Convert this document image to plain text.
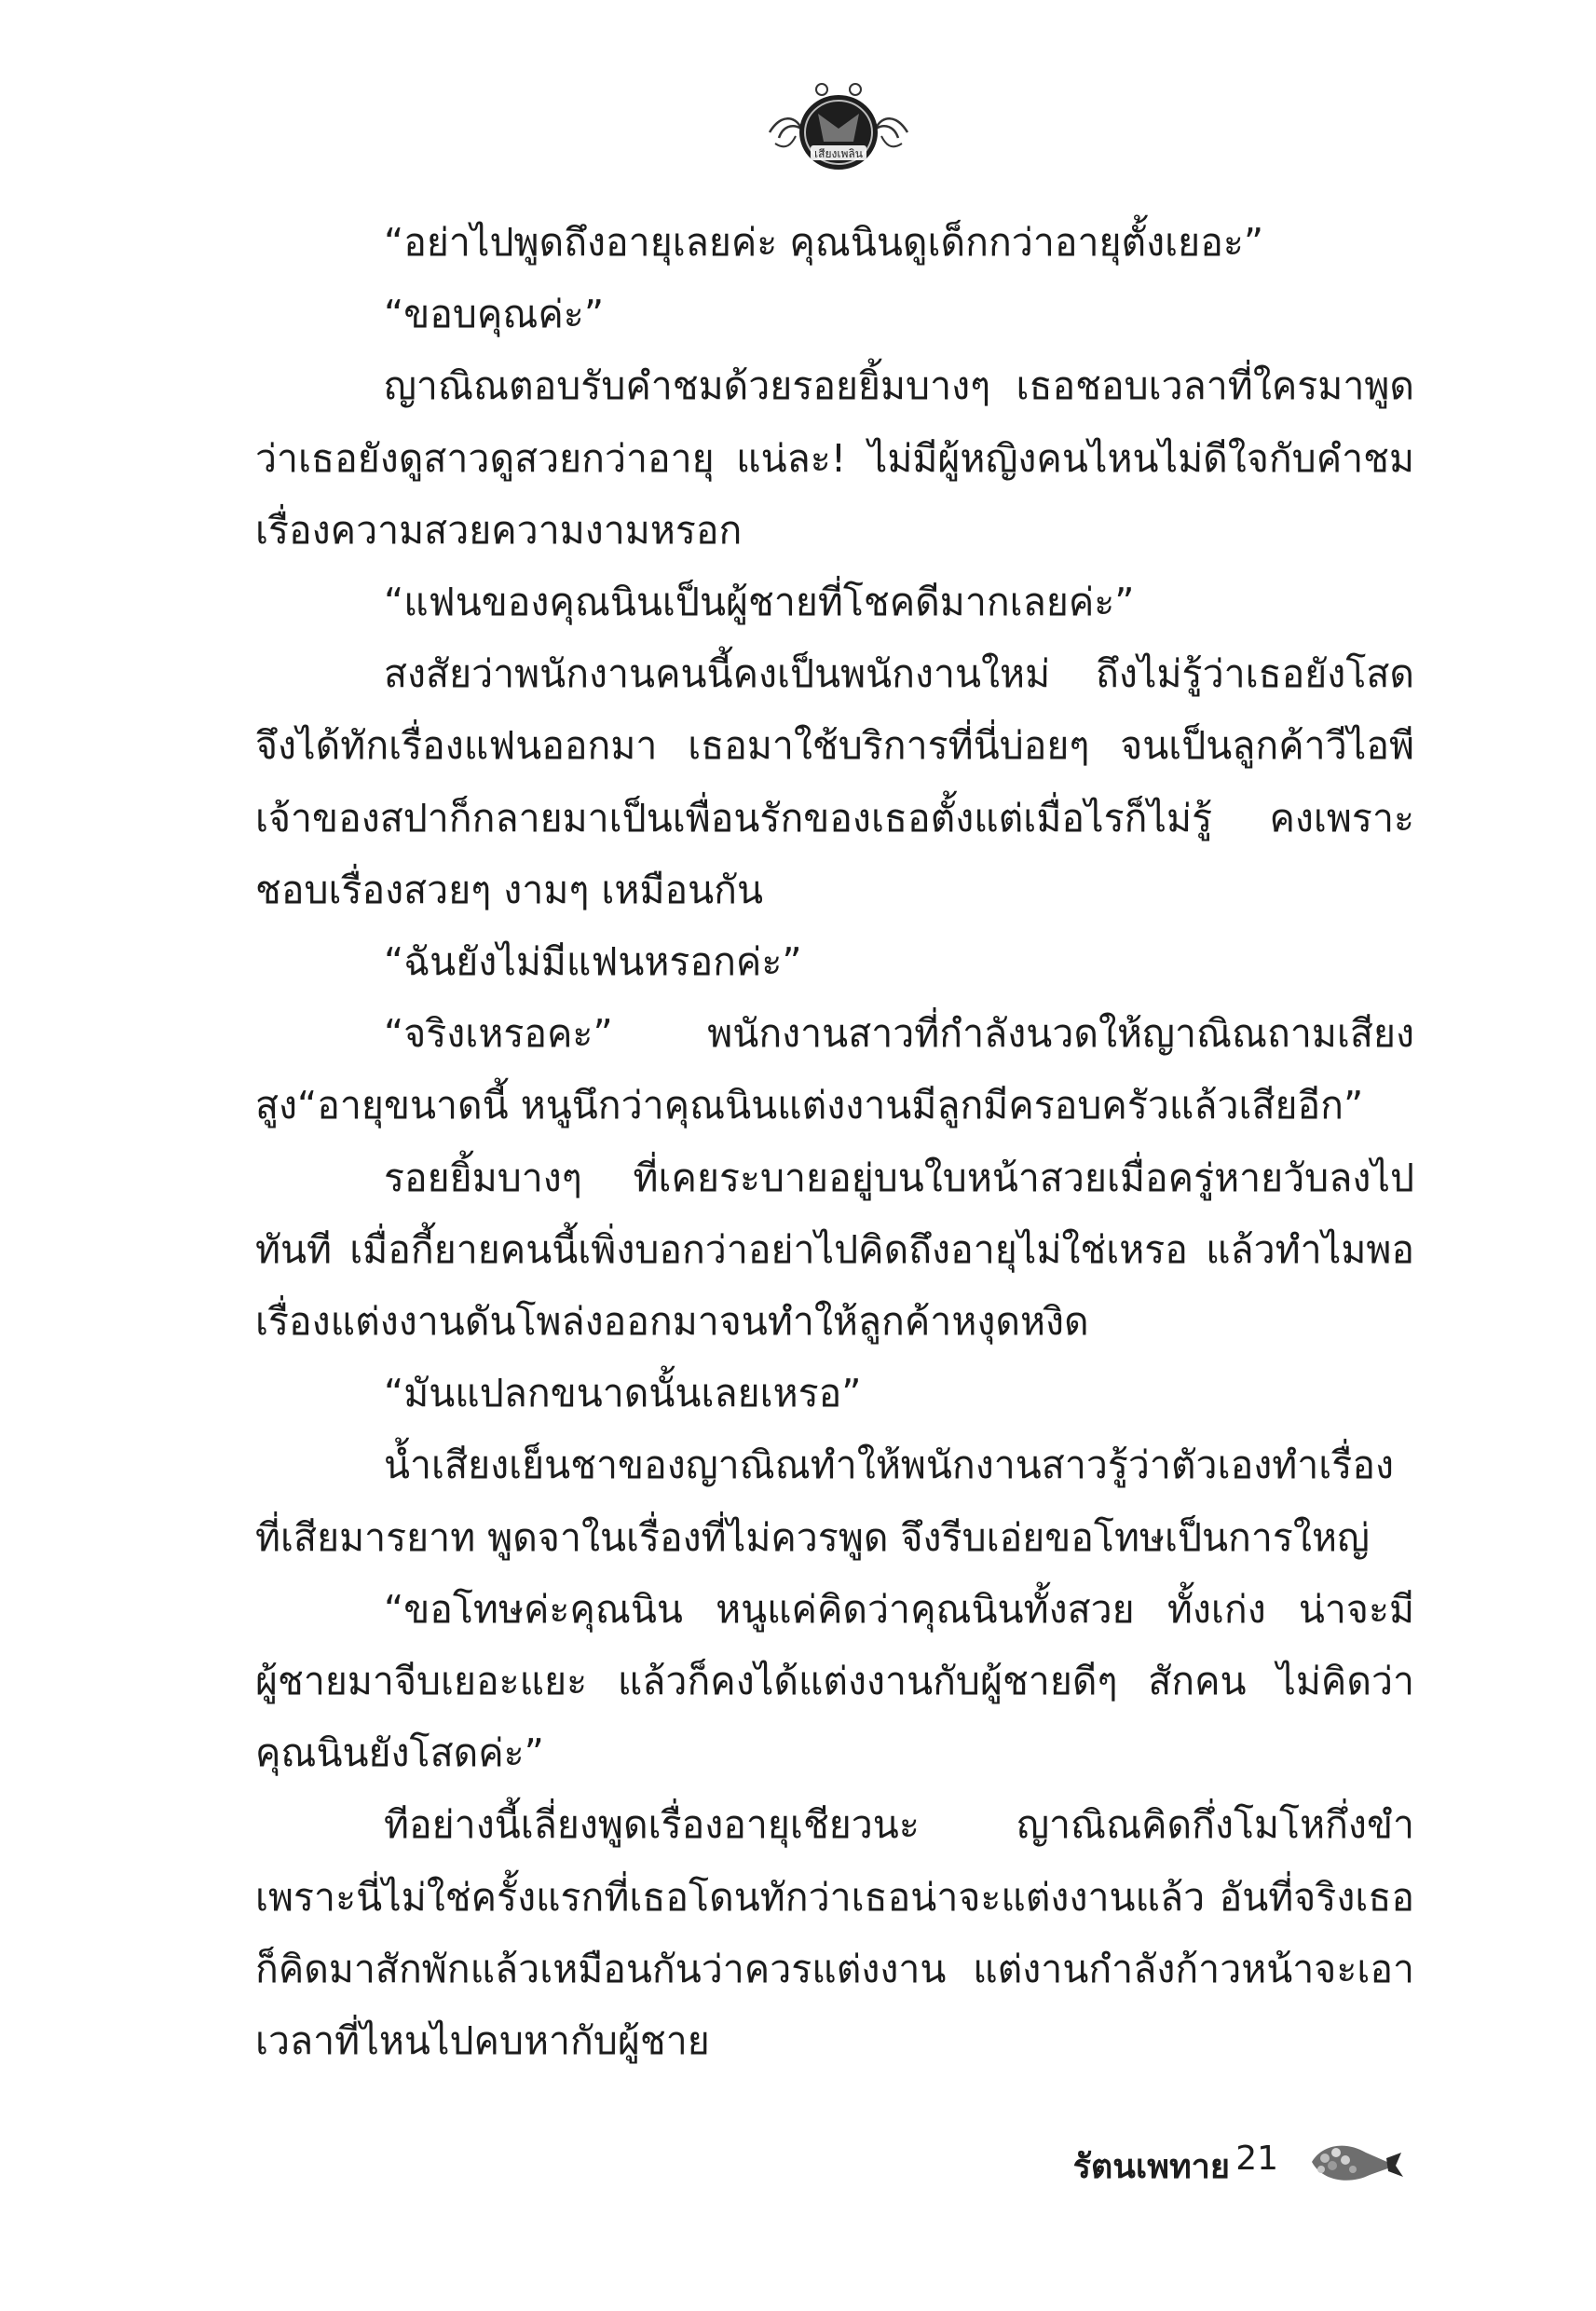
เสียงเพลิน

“อย่าไปพูดถึงอายุเลยค่ะ คุณนินดูเด็กกว่าอายุตั้งเยอะ”

“ขอบคุณค่ะ”

ญาณิณตอบรับคำชมด้วยรอยยิ้มบางๆ เธอชอบเวลาที่ใครมาพูดว่าเธอยังดูสาวดูสวยกว่าอายุ แน่ละ! ไม่มีผู้หญิงคนไหนไม่ดีใจกับคำชมเรื่องความสวยความงามหรอก

“แฟนของคุณนินเป็นผู้ชายที่โชคดีมากเลยค่ะ”

สงสัยว่าพนักงานคนนี้คงเป็นพนักงานใหม่ ถึงไม่รู้ว่าเธอยังโสดจึงได้ทักเรื่องแฟนออกมา เธอมาใช้บริการที่นี่บ่อยๆ จนเป็นลูกค้าวีไอพีเจ้าของสปาก็กลายมาเป็นเพื่อนรักของเธอตั้งแต่เมื่อไรก็ไม่รู้ คงเพราะชอบเรื่องสวยๆ งามๆ เหมือนกัน

“ฉันยังไม่มีแฟนหรอกค่ะ”

“จริงเหรอคะ” พนักงานสาวที่กำลังนวดให้ญาณิณถามเสียงสูง“อายุขนาดนี้ หนูนึกว่าคุณนินแต่งงานมีลูกมีครอบครัวแล้วเสียอีก”

รอยยิ้มบางๆ ที่เคยระบายอยู่บนใบหน้าสวยเมื่อครู่หายวับลงไปทันที เมื่อกี้ยายคนนี้เพิ่งบอกว่าอย่าไปคิดถึงอายุไม่ใช่เหรอ แล้วทำไมพอเรื่องแต่งงานดันโพล่งออกมาจนทำให้ลูกค้าหงุดหงิด

“มันแปลกขนาดนั้นเลยเหรอ”

น้ำเสียงเย็นชาของญาณิณทำให้พนักงานสาวรู้ว่าตัวเองทำเรื่องที่เสียมารยาท พูดจาในเรื่องที่ไม่ควรพูด จึงรีบเอ่ยขอโทษเป็นการใหญ่

“ขอโทษค่ะคุณนิน หนูแค่คิดว่าคุณนินทั้งสวย ทั้งเก่ง น่าจะมีผู้ชายมาจีบเยอะแยะ แล้วก็คงได้แต่งงานกับผู้ชายดีๆ สักคน ไม่คิดว่าคุณนินยังโสดค่ะ”

ทีอย่างนี้เลี่ยงพูดเรื่องอายุเชียวนะ ญาณิณคิดกึ่งโมโหกึ่งขำเพราะนี่ไม่ใช่ครั้งแรกที่เธอโดนทักว่าเธอน่าจะแต่งงานแล้ว อันที่จริงเธอก็คิดมาสักพักแล้วเหมือนกันว่าควรแต่งงาน แต่งานกำลังก้าวหน้าจะเอาเวลาที่ไหนไปคบหากับผู้ชาย

รัตนเพทาย 21
